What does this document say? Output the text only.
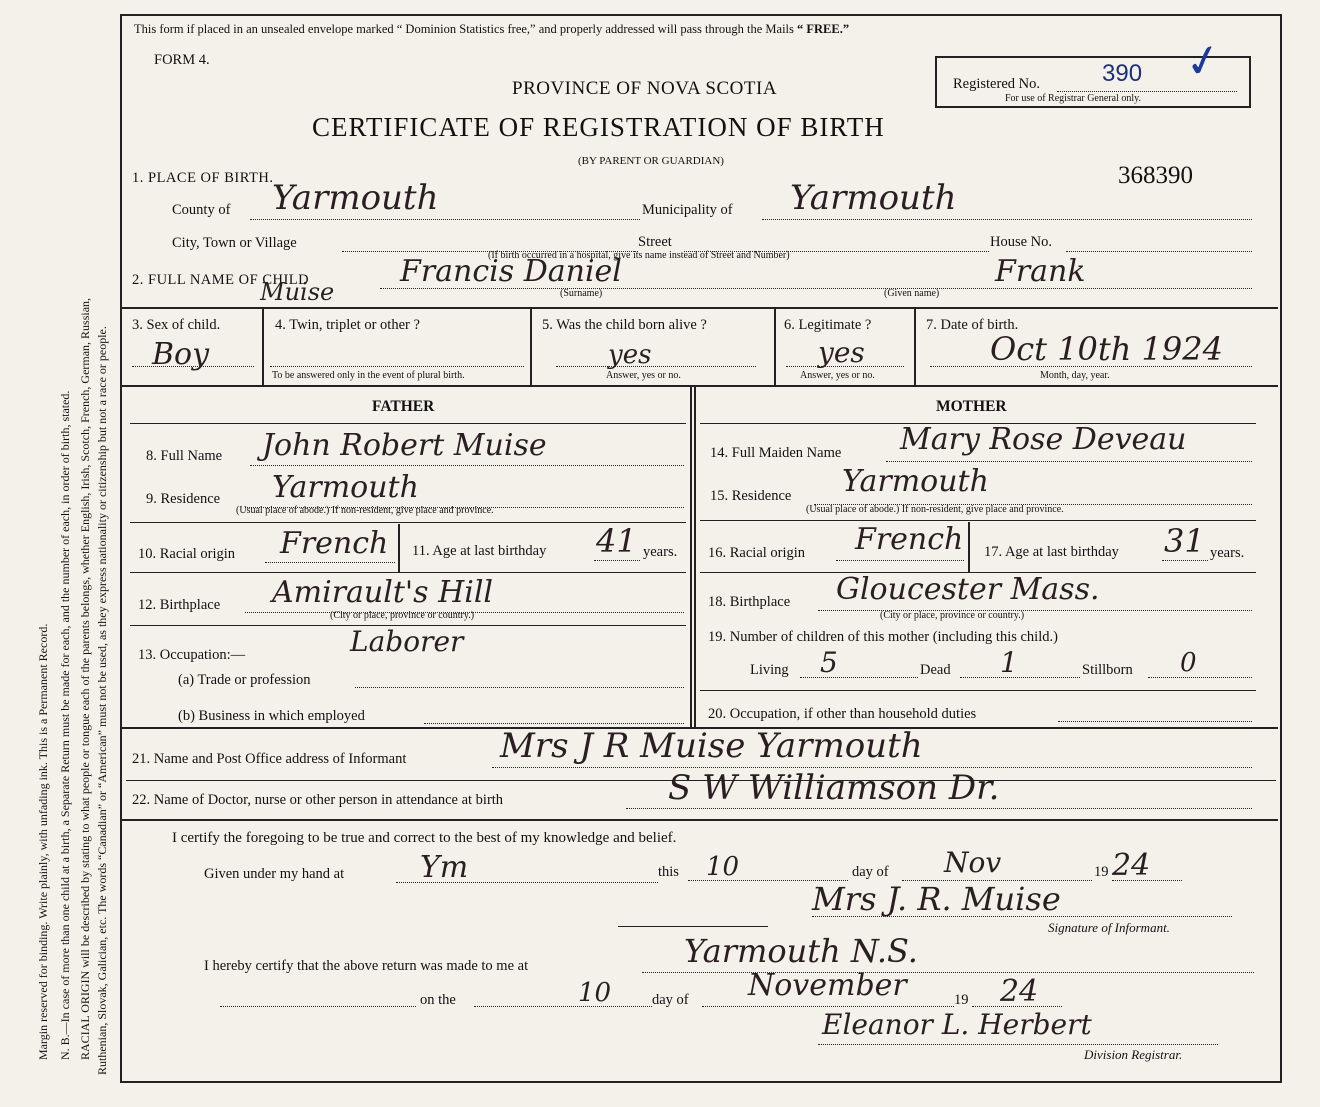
Margin reserved for binding. Write plainly, with unfading ink. This is a Permanent Record. N. B.—In case of more than one child at a birth, a Separate Return must be made for each, and the number of each, in order of birth, stated. RACIAL ORIGIN will be described by stating to what people or tongue each of the parents belongs, whether English, Irish, Scotch, French, German, Russian, Ruthenian, Slovak, Galician, etc. The words “Canadian” or “American” must not be used, as they express nationality or citizenship but not a race or people.
This form if placed in an unsealed envelope marked “ Dominion Statistics free,” and properly addressed will pass through the Mails “ FREE.”
FORM 4.
PROVINCE OF NOVA SCOTIA
CERTIFICATE OF REGISTRATION OF BIRTH
(BY PARENT OR GUARDIAN)
Registered No.	390 ✓
For use of Registrar General only.
368390
1. PLACE OF BIRTH.
County of Yarmouth	Municipality of Yarmouth
City, Town or Village	Street	House No.
(If birth occurred in a hospital, give its name instead of Street and Number)
2. FULL NAME OF CHILD
Muise
Francis Daniel	Frank
(Surname)	(Given name)
3. Sex of child.
Boy
4. Twin, triplet or other ?
To be answered only in the event of plural birth.
5. Was the child born alive ?
yes
Answer, yes or no.
6. Legitimate ?
yes
Answer, yes or no.
7. Date of birth.
Oct 10th 1924
Month, day, year.
FATHER
8. Full Name John Robert Muise
9. Residence Yarmouth
(Usual place of abode.) If non-resident, give place and province.
10. Racial origin French 11. Age at last birthday 41 years.
12. Birthplace Amirault's Hill
(City or place, province or country.)
13. Occupation:—	Laborer
(a) Trade or profession
(b) Business in which employed
MOTHER
14. Full Maiden Name Mary Rose Deveau
15. Residence Yarmouth
(Usual place of abode.) If non-resident, give place and province.
16. Racial origin French 17. Age at last birthday 31 years.
18. Birthplace Gloucester Mass.
(City or place, province or country.)
19. Number of children of this mother (including this child.)
Living 5	Dead 1	Stillborn 0
20. Occupation, if other than household duties
21. Name and Post Office address of Informant	Mrs J R Muise Yarmouth
22. Name of Doctor, nurse or other person in attendance at birth	S W Williamson Dr.
I certify the foregoing to be true and correct to the best of my knowledge and belief.
Given under my hand at	Ym	this 10	day of Nov	19 24
Mrs J. R. Muise
Signature of Informant.
I hereby certify that the above return was made to me at	Yarmouth N.S.
on the	10	day of November	19 24
Eleanor L. Herbert
Division Registrar.
